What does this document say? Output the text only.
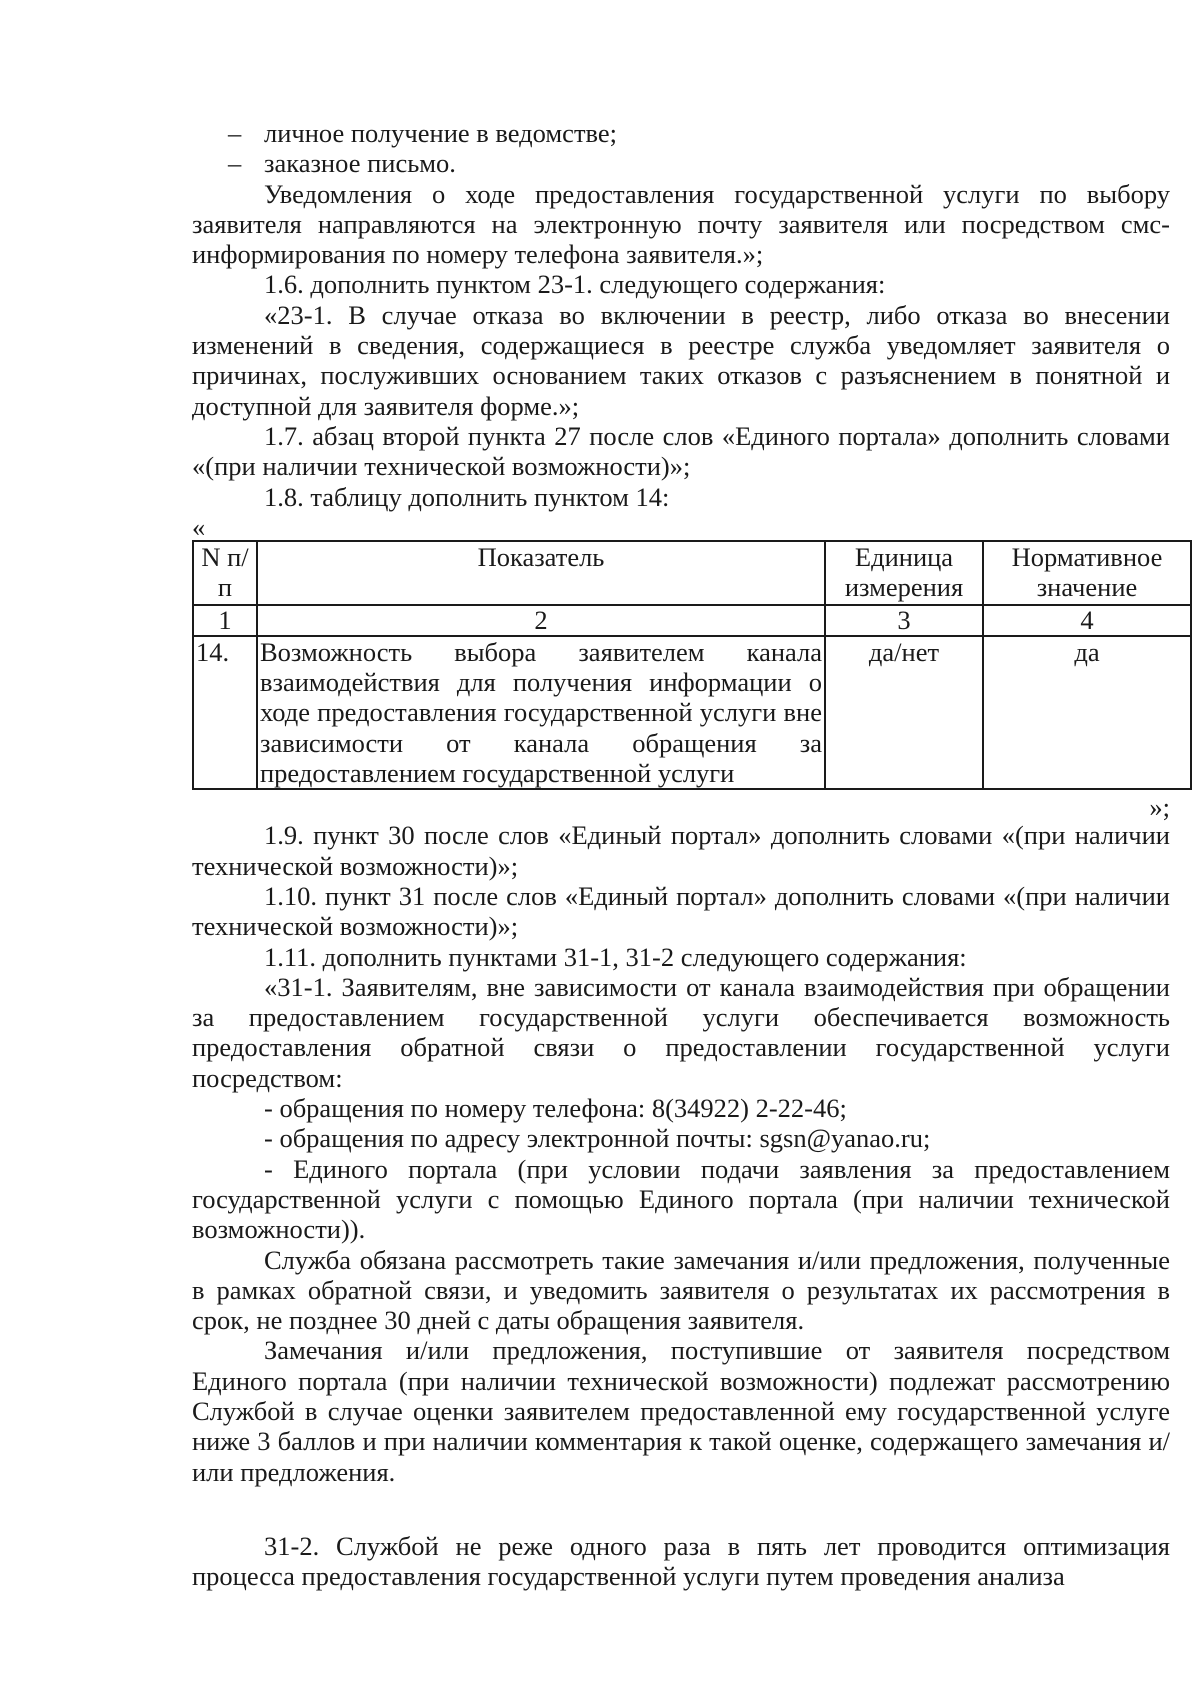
– личное получение в ведомстве;

– заказное письмо.

Уведомления о ходе предоставления государственной услуги по выбору заявителя направляются на электронную почту заявителя или посредством смс-информирования по номеру телефона заявителя.»;

1.6. дополнить пунктом 23-1. следующего содержания:

«23-1. В случае отказа во включении в реестр, либо отказа во внесении изменений в сведения, содержащиеся в реестре служба уведомляет заявителя о причинах, послуживших основанием таких отказов с разъяснением в понятной и доступной для заявителя форме.»;

1.7. абзац второй пункта 27 после слов «Единого портала» дополнить словами «(при наличии технической возможности)»;

1.8. таблицу дополнить пунктом 14:

«

N п/п	Показатель	Единица измерения	Нормативное значение
1	2	3	4
14.	Возможность выбора заявителем канала взаимодействия для получения информации о ходе предоставления государственной услуги вне зависимости от канала обращения за предоставлением государственной услуги	да/нет	да

»;

1.9. пункт 30 после слов «Единый портал» дополнить словами «(при наличии технической возможности)»;

1.10. пункт 31 после слов «Единый портал» дополнить словами «(при наличии технической возможности)»;

1.11. дополнить пунктами 31-1, 31-2 следующего содержания:

«31-1. Заявителям, вне зависимости от канала взаимодействия при обращении за предоставлением государственной услуги обеспечивается возможность предоставления обратной связи о предоставлении государственной услуги посредством:

- обращения по номеру телефона: 8(34922) 2-22-46;

- обращения по адресу электронной почты: sgsn@yanao.ru;

- Единого портала (при условии подачи заявления за предоставлением государственной услуги с помощью Единого портала (при наличии технической возможности)).

Служба обязана рассмотреть такие замечания и/или предложения, полученные в рамках обратной связи, и уведомить заявителя о результатах их рассмотрения в срок, не позднее 30 дней с даты обращения заявителя.

Замечания и/или предложения, поступившие от заявителя посредством Единого портала (при наличии технической возможности) подлежат рассмотрению Службой в случае оценки заявителем предоставленной ему государственной услуге ниже 3 баллов и при наличии комментария к такой оценке, содержащего замечания и/или предложения.

31-2. Службой не реже одного раза в пять лет проводится оптимизация процесса предоставления государственной услуги путем проведения анализа
